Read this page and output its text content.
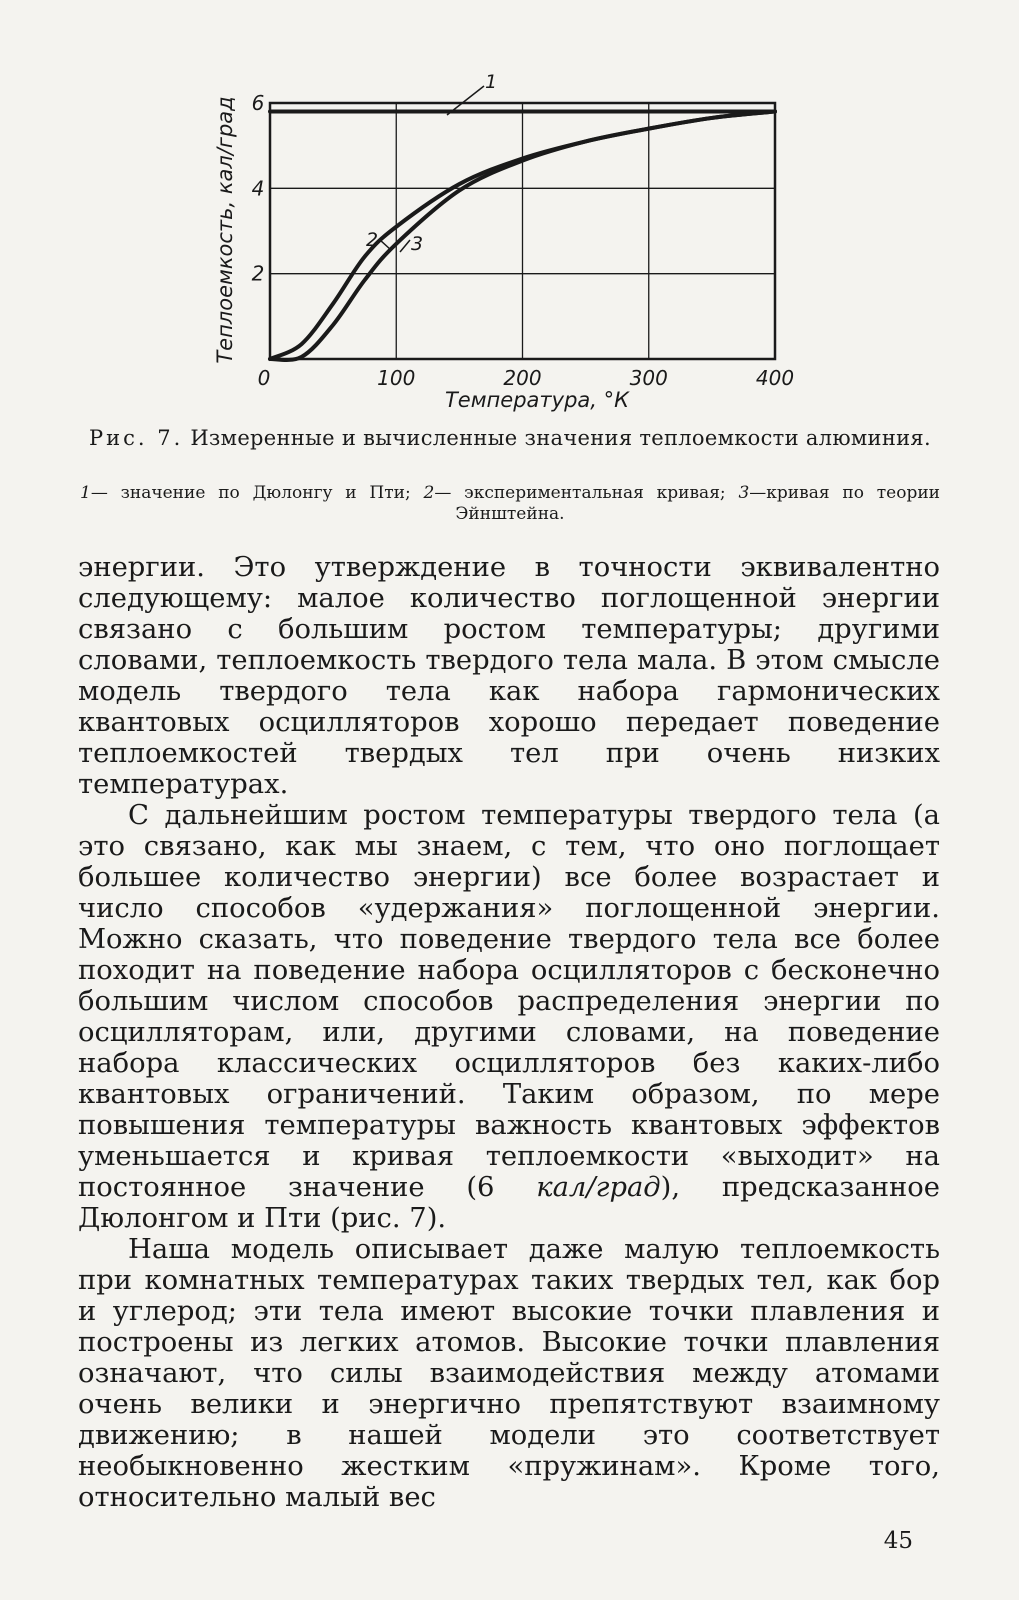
0	100	200	300	400
2
4
6
1
2 3
Теплоемкость, кал/град
Температура, °К
Рис. 7. Измеренные и вычисленные значения теплоемкости алюминия.
1— значение по Дюлонгу и Пти; 2— экспериментальная кривая; 3—кривая по теории Эйнштейна.

энергии. Это утверждение в точности эквивалентно следующему: малое количество поглощенной энергии связано с большим ростом температуры; другими словами, теплоемкость твердого тела мала. В этом смысле модель твердого тела как набора гармонических квантовых осцилляторов хорошо передает поведение теплоемкостей твердых тел при очень низких температурах.

С дальнейшим ростом температуры твердого тела (а это связано, как мы знаем, с тем, что оно поглощает большее количество энергии) все более возрастает и число способов «удержания» поглощенной энергии. Можно сказать, что поведение твердого тела все более походит на поведение набора осцилляторов с бесконечно большим числом способов распределения энергии по осцилляторам, или, другими словами, на поведение набора классических осцилляторов без каких-либо квантовых ограничений. Таким образом, по мере повышения температуры важность квантовых эффектов уменьшается и кривая теплоемкости «выходит» на постоянное значение (6 кал/град), предсказанное Дюлонгом и Пти (рис. 7).

Наша модель описывает даже малую теплоемкость при комнатных температурах таких твердых тел, как бор и углерод; эти тела имеют высокие точки плавления и построены из легких атомов. Высокие точки плавления означают, что силы взаимодействия между атомами очень велики и энергично препятствуют взаимному движению; в нашей модели это соответствует необыкновенно жестким «пружинам». Кроме того, относительно малый вес

45
